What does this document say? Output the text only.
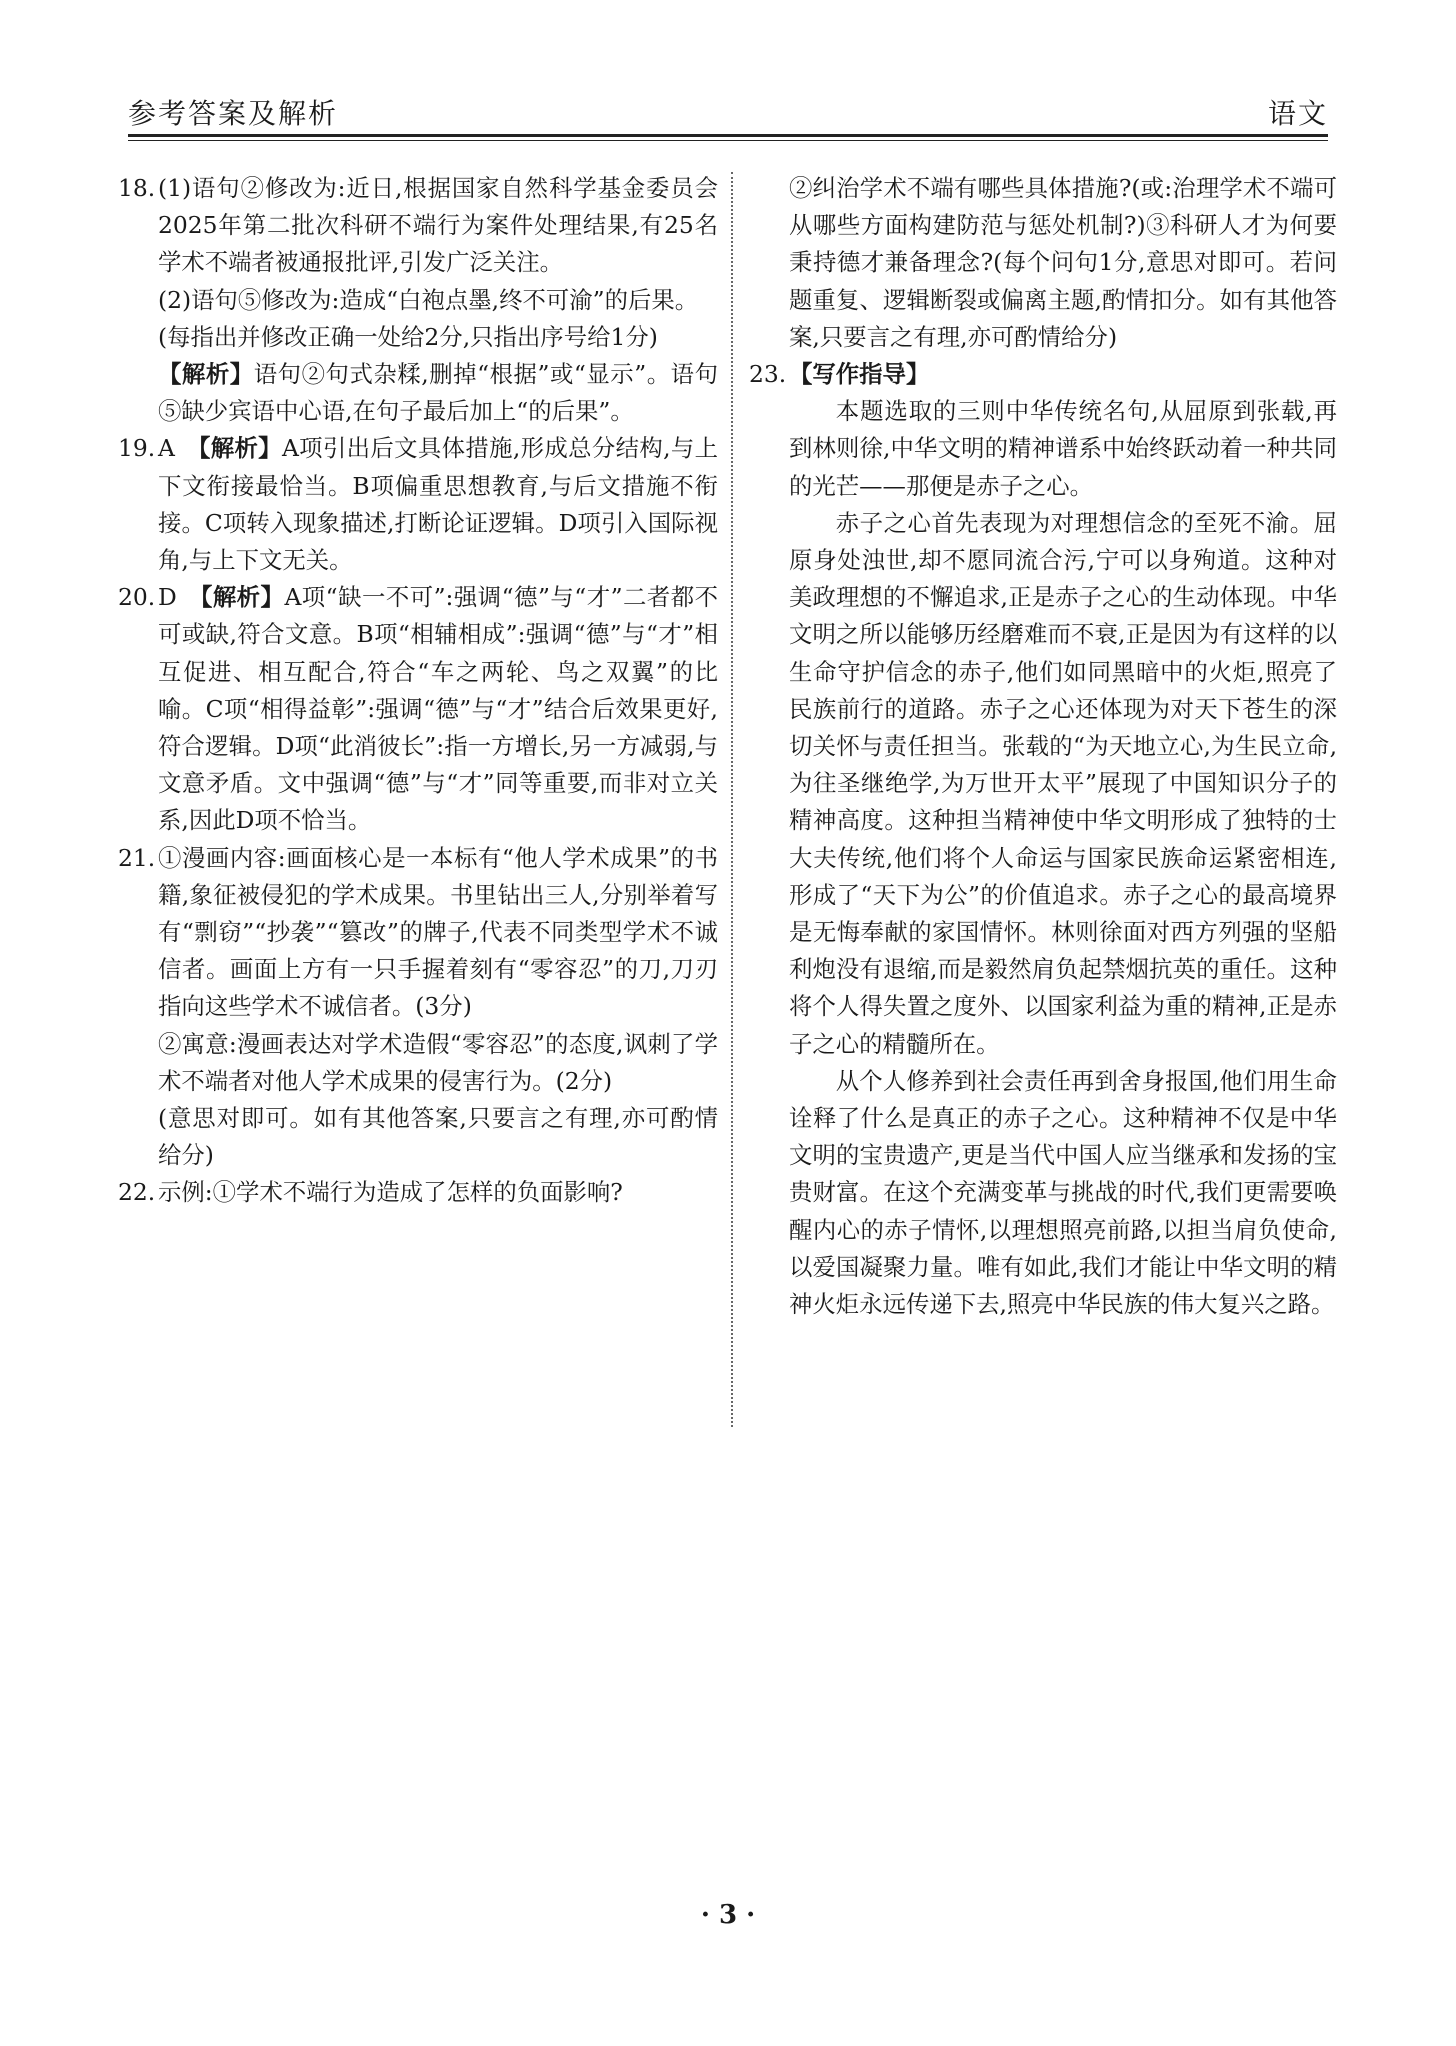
参考答案及解析	语文
18. (1)语句②修改为:近日,根据国家自然科学基金委员会2025年第二批次科研不端行为案件处理结果,有25名学术不端者被通报批评,引发广泛关注。

(2)语句⑤修改为:造成“白袍点墨,终不可渝”的后果。

(每指出并修改正确一处给2分,只指出序号给1分)

【解析】语句②句式杂糅,删掉“根据”或“显示”。语句⑤缺少宾语中心语,在句子最后加上“的后果”。

19. A  【解析】A项引出后文具体措施,形成总分结构,与上下文衔接最恰当。B项偏重思想教育,与后文措施不衔接。C项转入现象描述,打断论证逻辑。D项引入国际视角,与上下文无关。

20. D  【解析】A项“缺一不可”:强调“德”与“才”二者都不可或缺,符合文意。B项“相辅相成”:强调“德”与“才”相互促进、相互配合,符合“车之两轮、鸟之双翼”的比喻。C项“相得益彰”:强调“德”与“才”结合后效果更好,符合逻辑。D项“此消彼长”:指一方增长,另一方减弱,与文意矛盾。文中强调“德”与“才”同等重要,而非对立关系,因此D项不恰当。

21. ①漫画内容:画面核心是一本标有“他人学术成果”的书籍,象征被侵犯的学术成果。书里钻出三人,分别举着写有“剽窃”“抄袭”“篡改”的牌子,代表不同类型学术不诚信者。画面上方有一只手握着刻有“零容忍”的刀,刀刃指向这些学术不诚信者。(3分)

②寓意:漫画表达对学术造假“零容忍”的态度,讽刺了学术不端者对他人学术成果的侵害行为。(2分)

(意思对即可。如有其他答案,只要言之有理,亦可酌情给分)

22. 示例:①学术不端行为造成了怎样的负面影响?

②纠治学术不端有哪些具体措施?(或:治理学术不端可从哪些方面构建防范与惩处机制?)③科研人才为何要秉持德才兼备理念?(每个问句1分,意思对即可。若问题重复、逻辑断裂或偏离主题,酌情扣分。如有其他答案,只要言之有理,亦可酌情给分)

23. 【写作指导】

本题选取的三则中华传统名句,从屈原到张载,再到林则徐,中华文明的精神谱系中始终跃动着一种共同的光芒——那便是赤子之心。

赤子之心首先表现为对理想信念的至死不渝。屈原身处浊世,却不愿同流合污,宁可以身殉道。这种对美政理想的不懈追求,正是赤子之心的生动体现。中华文明之所以能够历经磨难而不衰,正是因为有这样的以生命守护信念的赤子,他们如同黑暗中的火炬,照亮了民族前行的道路。赤子之心还体现为对天下苍生的深切关怀与责任担当。张载的“为天地立心,为生民立命,为往圣继绝学,为万世开太平”展现了中国知识分子的精神高度。这种担当精神使中华文明形成了独特的士大夫传统,他们将个人命运与国家民族命运紧密相连,形成了“天下为公”的价值追求。赤子之心的最高境界是无悔奉献的家国情怀。林则徐面对西方列强的坚船利炮没有退缩,而是毅然肩负起禁烟抗英的重任。这种将个人得失置之度外、以国家利益为重的精神,正是赤子之心的精髓所在。

从个人修养到社会责任再到舍身报国,他们用生命诠释了什么是真正的赤子之心。这种精神不仅是中华文明的宝贵遗产,更是当代中国人应当继承和发扬的宝贵财富。在这个充满变革与挑战的时代,我们更需要唤醒内心的赤子情怀,以理想照亮前路,以担当肩负使命,以爱国凝聚力量。唯有如此,我们才能让中华文明的精神火炬永远传递下去,照亮中华民族的伟大复兴之路。

· 3 ·
